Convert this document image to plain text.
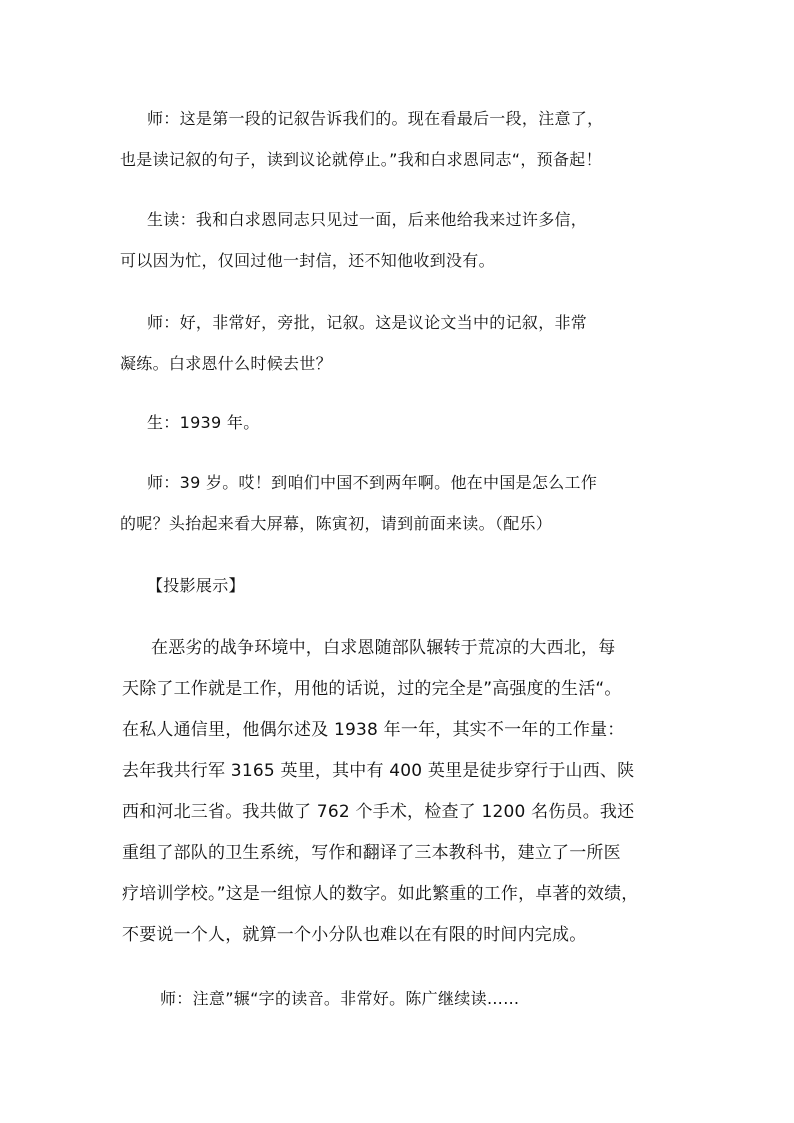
师：这是第一段的记叙告诉我们的。现在看最后一段，注意了，
也是读记叙的句子，读到议论就停止。”我和白求恩同志“，预备起！
生读：我和白求恩同志只见过一面，后来他给我来过许多信，
可以因为忙，仅回过他一封信，还不知他收到没有。
师：好，非常好，旁批，记叙。这是议论文当中的记叙，非常
凝练。白求恩什么时候去世？
生：1939 年。
师：39 岁。哎！到咱们中国不到两年啊。他在中国是怎么工作
的呢？头抬起来看大屏幕，陈寅初，请到前面来读。（配乐）
【投影展示】
在恶劣的战争环境中，白求恩随部队辗转于荒凉的大西北，每
天除了工作就是工作，用他的话说，过的完全是”高强度的生活“。
在私人通信里，他偶尔述及 1938 年一年，其实不一年的工作量：
去年我共行军 3165 英里，其中有 400 英里是徒步穿行于山西、陕
西和河北三省。我共做了 762 个手术，检查了 1200 名伤员。我还
重组了部队的卫生系统，写作和翻译了三本教科书，建立了一所医
疗培训学校。”这是一组惊人的数字。如此繁重的工作，卓著的效绩，
不要说一个人，就算一个小分队也难以在有限的时间内完成。
师：注意”辗“字的读音。非常好。陈广继续读……
